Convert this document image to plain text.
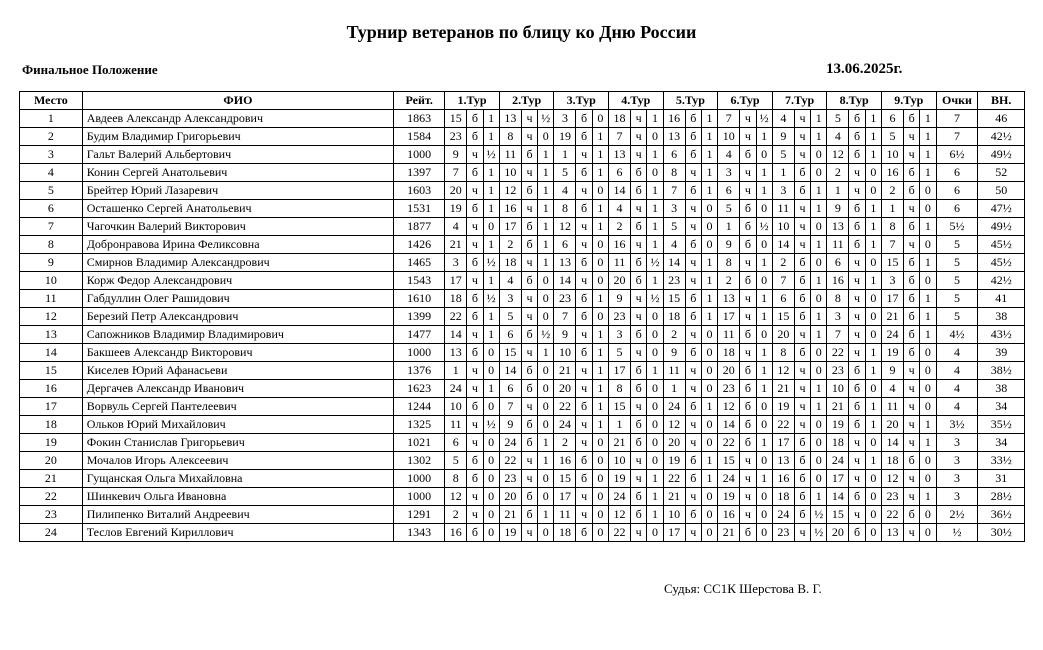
Турнир ветеранов по блицу ко Дню России
Финальное Положение	13.06.2025г.
Место	ФИО	Рейт.	1.Тур			2.Тур			3.Тур			4.Тур			5.Тур			6.Тур			7.Тур			8.Тур			9.Тур			Очки	ВН.
1	Авдеев Александр Александрович	1863	15	б	1	13	ч	½	3	б	0	18	ч	1	16	б	1	7	ч	½	4	ч	1	5	б	1	6	б	1	7	46
2	Будим Владимир Григорьевич	1584	23	б	1	8	ч	0	19	б	1	7	ч	0	13	б	1	10	ч	1	9	ч	1	4	б	1	5	ч	1	7	42½
3	Гальт Валерий Альбертович	1000	9	ч	½	11	б	1	1	ч	1	13	ч	1	6	б	1	4	б	0	5	ч	0	12	б	1	10	ч	1	6½	49½
4	Конин Сергей Анатольевич	1397	7	б	1	10	ч	1	5	б	1	6	б	0	8	ч	1	3	ч	1	1	б	0	2	ч	0	16	б	1	6	52
5	Брейтер Юрий Лазаревич	1603	20	ч	1	12	б	1	4	ч	0	14	б	1	7	б	1	6	ч	1	3	б	1	1	ч	0	2	б	0	6	50
6	Осташенко Сергей Анатольевич	1531	19	б	1	16	ч	1	8	б	1	4	ч	1	3	ч	0	5	б	0	11	ч	1	9	б	1	1	ч	0	6	47½
7	Чагочкин Валерий Викторович	1877	4	ч	0	17	б	1	12	ч	1	2	б	1	5	ч	0	1	б	½	10	ч	0	13	б	1	8	б	1	5½	49½
8	Добронравова Ирина Феликсовна	1426	21	ч	1	2	б	1	6	ч	0	16	ч	1	4	б	0	9	б	0	14	ч	1	11	б	1	7	ч	0	5	45½
9	Смирнов Владимир Александрович	1465	3	б	½	18	ч	1	13	б	0	11	б	½	14	ч	1	8	ч	1	2	б	0	6	ч	0	15	б	1	5	45½
10	Корж Федор Александрович	1543	17	ч	1	4	б	0	14	ч	0	20	б	1	23	ч	1	2	б	0	7	б	1	16	ч	1	3	б	0	5	42½
11	Габдуллин Олег Рашидович	1610	18	б	½	3	ч	0	23	б	1	9	ч	½	15	б	1	13	ч	1	6	б	0	8	ч	0	17	б	1	5	41
12	Березий Петр Александрович	1399	22	б	1	5	ч	0	7	б	0	23	ч	0	18	б	1	17	ч	1	15	б	1	3	ч	0	21	б	1	5	38
13	Сапожников Владимир Владимирович	1477	14	ч	1	6	б	½	9	ч	1	3	б	0	2	ч	0	11	б	0	20	ч	1	7	ч	0	24	б	1	4½	43½
14	Бакшеев Александр Викторович	1000	13	б	0	15	ч	1	10	б	1	5	ч	0	9	б	0	18	ч	1	8	б	0	22	ч	1	19	б	0	4	39
15	Киселев Юрий Афанасьеви	1376	1	ч	0	14	б	0	21	ч	1	17	б	1	11	ч	0	20	б	1	12	ч	0	23	б	1	9	ч	0	4	38½
16	Дергачев Александр Иванович	1623	24	ч	1	6	б	0	20	ч	1	8	б	0	1	ч	0	23	б	1	21	ч	1	10	б	0	4	ч	0	4	38
17	Ворвуль Сергей Пантелеевич	1244	10	б	0	7	ч	0	22	б	1	15	ч	0	24	б	1	12	б	0	19	ч	1	21	б	1	11	ч	0	4	34
18	Ольков Юрий Михайлович	1325	11	ч	½	9	б	0	24	ч	1	1	б	0	12	ч	0	14	б	0	22	ч	0	19	б	1	20	ч	1	3½	35½
19	Фокин Станислав Григорьевич	1021	6	ч	0	24	б	1	2	ч	0	21	б	0	20	ч	0	22	б	1	17	б	0	18	ч	0	14	ч	1	3	34
20	Мочалов Игорь Алексеевич	1302	5	б	0	22	ч	1	16	б	0	10	ч	0	19	б	1	15	ч	0	13	б	0	24	ч	1	18	б	0	3	33½
21	Гущанская Ольга Михайловна	1000	8	б	0	23	ч	0	15	б	0	19	ч	1	22	б	1	24	ч	1	16	б	0	17	ч	0	12	ч	0	3	31
22	Шинкевич Ольга Ивановна	1000	12	ч	0	20	б	0	17	ч	0	24	б	1	21	ч	0	19	ч	0	18	б	1	14	б	0	23	ч	1	3	28½
23	Пилипенко Виталий Андреевич	1291	2	ч	0	21	б	1	11	ч	0	12	б	1	10	б	0	16	ч	0	24	б	½	15	ч	0	22	б	0	2½	36½
24	Теслов Евгений Кириллович	1343	16	б	0	19	ч	0	18	б	0	22	ч	0	17	ч	0	21	б	0	23	ч	½	20	б	0	13	ч	0	½	30½
Судья: СС1К Шерстова В. Г.
